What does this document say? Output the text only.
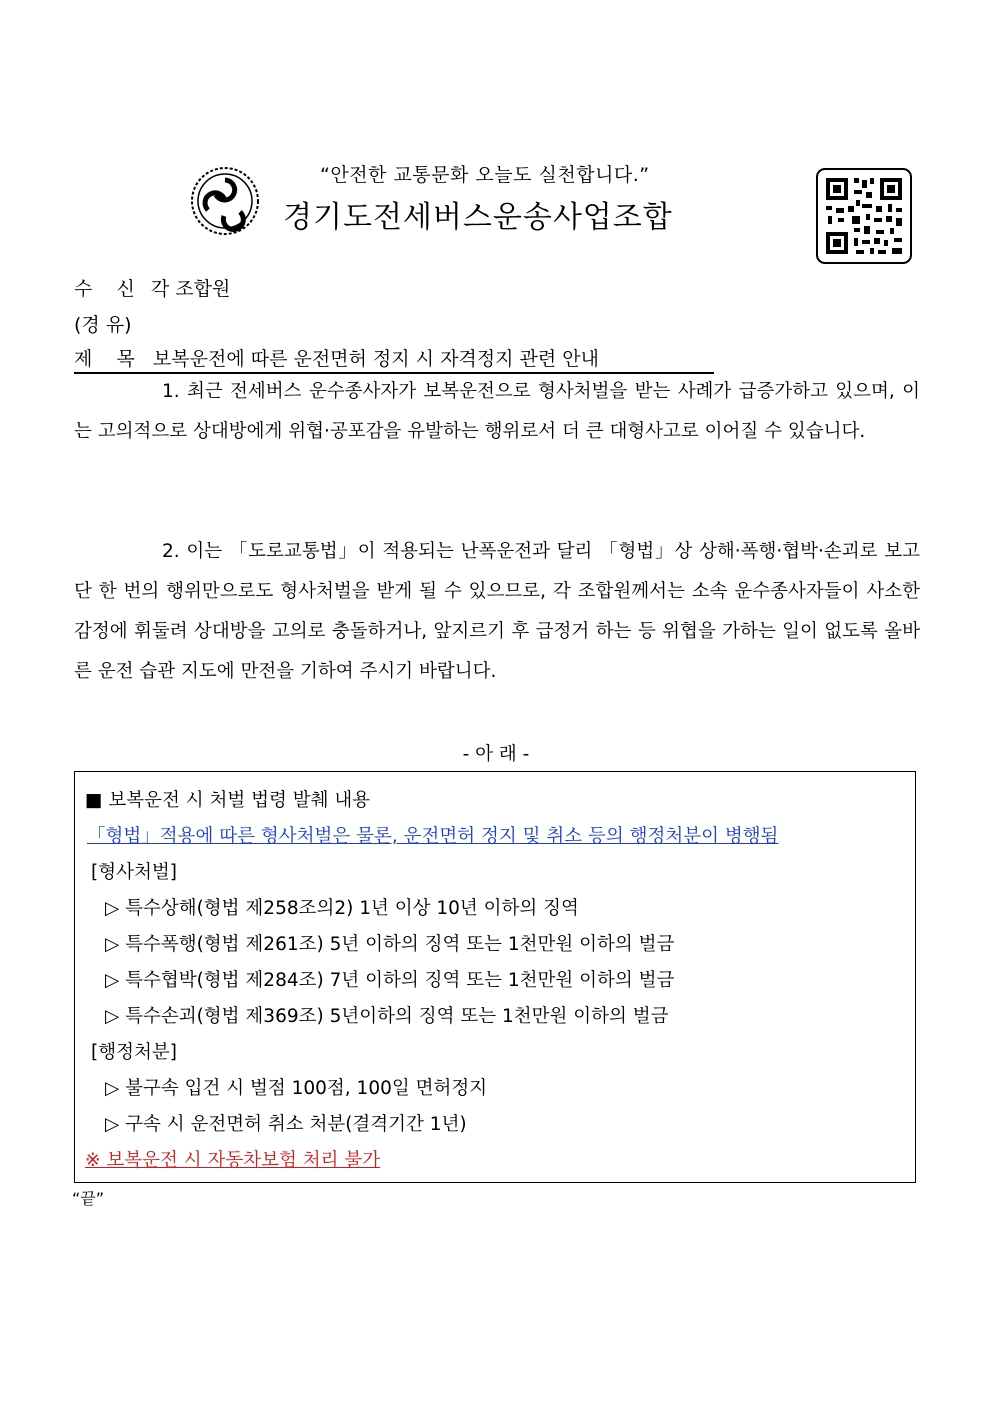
“안전한 교통문화 오늘도 실천합니다.”
경기도전세버스운송사업조합
수    신 각 조합원
(경 유)
제    목 보복운전에 따른 운전면허 정지 시 자격정지 관련 안내

1. 최근 전세버스 운수종사자가 보복운전으로 형사처벌을 받는 사례가 급증가하고 있으며, 이는 고의적으로 상대방에게 위협·공포감을 유발하는 행위로서 더 큰 대형사고로 이어질 수 있습니다.

2. 이는 「도로교통법」이 적용되는 난폭운전과 달리 「형법」상 상해·폭행·협박·손괴로 보고 단 한 번의 행위만으로도 형사처벌을 받게 될 수 있으므로, 각 조합원께서는 소속 운수종사자들이 사소한 감정에 휘둘려 상대방을 고의로 충돌하거나, 앞지르기 후 급정거 하는 등 위협을 가하는 일이 없도록 올바른 운전 습관 지도에 만전을 기하여 주시기 바랍니다.

- 아 래 -
■ 보복운전 시 처벌 법령 발췌 내용
「형법」적용에 따른 형사처벌은 물론, 운전면허 정지 및 취소 등의 행정처분이 병행됨
[형사처벌]
▷ 특수상해(형법 제258조의2) 1년 이상 10년 이하의 징역
▷ 특수폭행(형법 제261조) 5년 이하의 징역 또는 1천만원 이하의 벌금
▷ 특수협박(형법 제284조) 7년 이하의 징역 또는 1천만원 이하의 벌금
▷ 특수손괴(형법 제369조) 5년이하의 징역 또는 1천만원 이하의 벌금
[행정처분]
▷ 불구속 입건 시 벌점 100점, 100일 면허정지
▷ 구속 시 운전면허 취소 처분(결격기간 1년)
※ 보복운전 시 자동차보험 처리 불가
“끝”
